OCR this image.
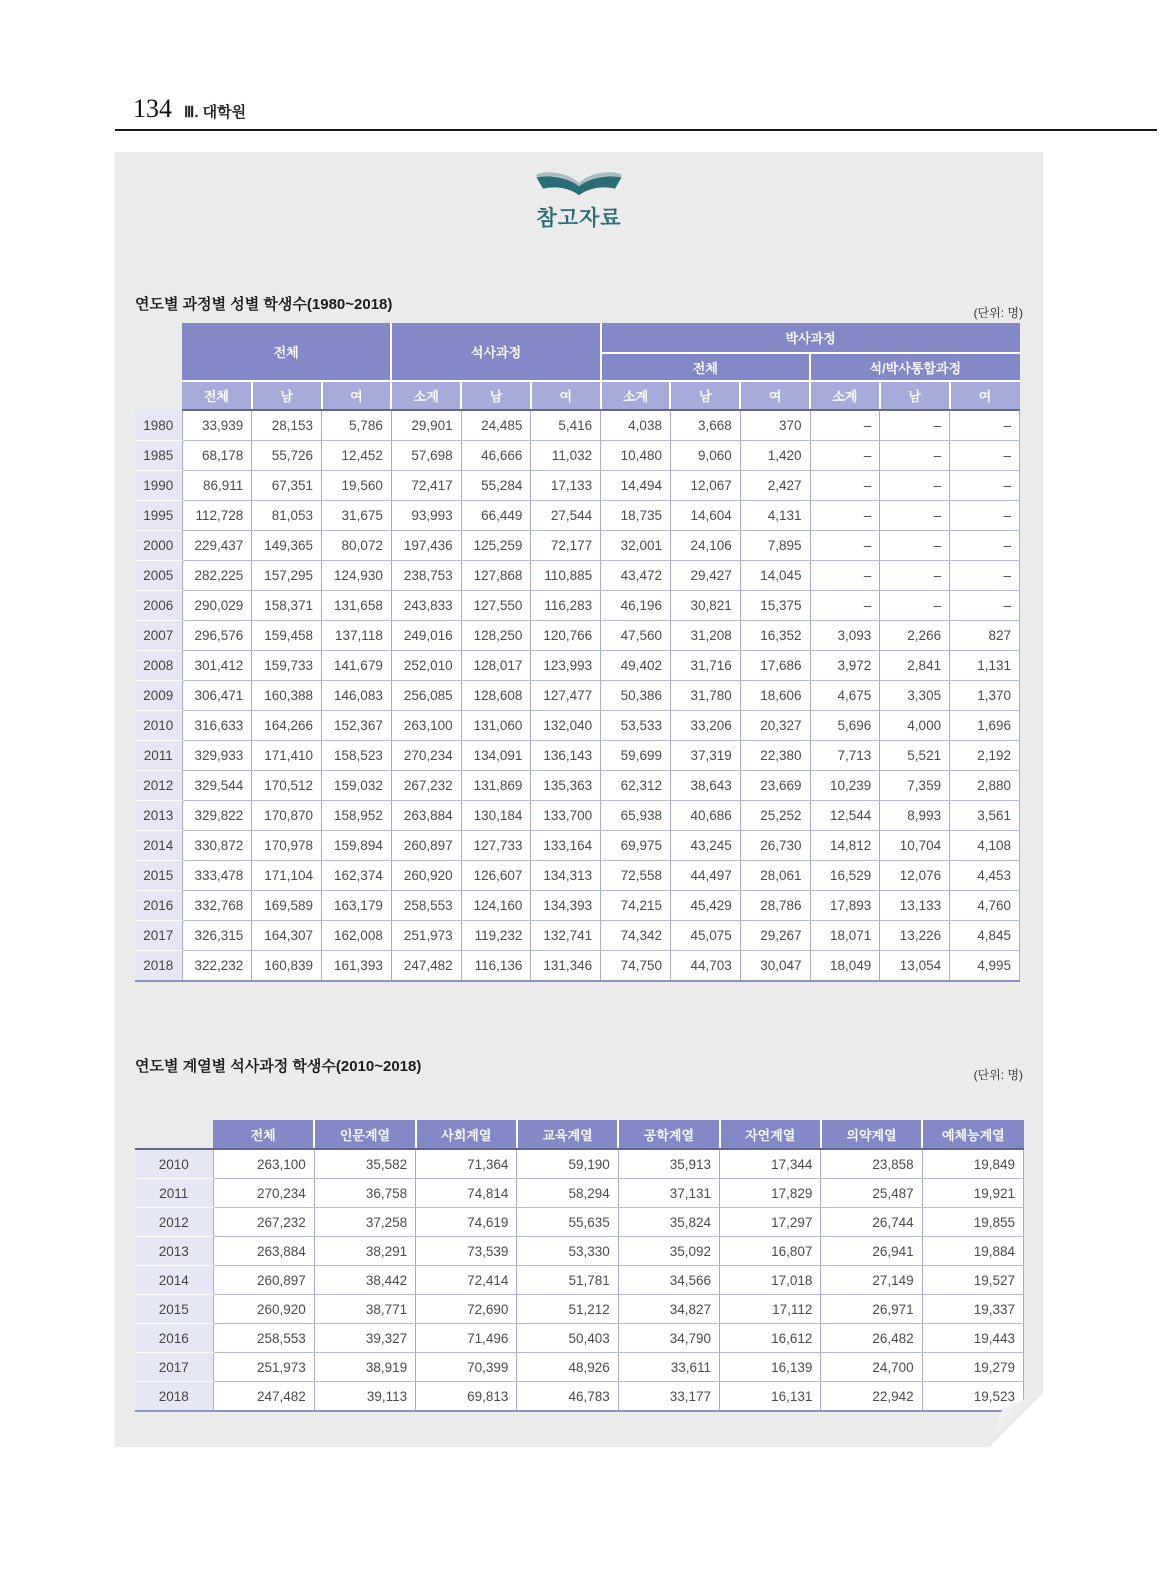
134 Ⅲ. 대학원
참고자료
연도별 과정별 성별 학생수(1980~2018)	(단위: 명)
	전체			석사과정			박사과정					
							전체			석/박사통합과정		
	전체	남	여	소계	남	여	소계	남	여	소계	남	여
1980	33,939	28,153	5,786	29,901	24,485	5,416	4,038	3,668	370	–	–	–
1985	68,178	55,726	12,452	57,698	46,666	11,032	10,480	9,060	1,420	–	–	–
1990	86,911	67,351	19,560	72,417	55,284	17,133	14,494	12,067	2,427	–	–	–
1995	112,728	81,053	31,675	93,993	66,449	27,544	18,735	14,604	4,131	–	–	–
2000	229,437	149,365	80,072	197,436	125,259	72,177	32,001	24,106	7,895	–	–	–
2005	282,225	157,295	124,930	238,753	127,868	110,885	43,472	29,427	14,045	–	–	–
2006	290,029	158,371	131,658	243,833	127,550	116,283	46,196	30,821	15,375	–	–	–
2007	296,576	159,458	137,118	249,016	128,250	120,766	47,560	31,208	16,352	3,093	2,266	827
2008	301,412	159,733	141,679	252,010	128,017	123,993	49,402	31,716	17,686	3,972	2,841	1,131
2009	306,471	160,388	146,083	256,085	128,608	127,477	50,386	31,780	18,606	4,675	3,305	1,370
2010	316,633	164,266	152,367	263,100	131,060	132,040	53,533	33,206	20,327	5,696	4,000	1,696
2011	329,933	171,410	158,523	270,234	134,091	136,143	59,699	37,319	22,380	7,713	5,521	2,192
2012	329,544	170,512	159,032	267,232	131,869	135,363	62,312	38,643	23,669	10,239	7,359	2,880
2013	329,822	170,870	158,952	263,884	130,184	133,700	65,938	40,686	25,252	12,544	8,993	3,561
2014	330,872	170,978	159,894	260,897	127,733	133,164	69,975	43,245	26,730	14,812	10,704	4,108
2015	333,478	171,104	162,374	260,920	126,607	134,313	72,558	44,497	28,061	16,529	12,076	4,453
2016	332,768	169,589	163,179	258,553	124,160	134,393	74,215	45,429	28,786	17,893	13,133	4,760
2017	326,315	164,307	162,008	251,973	119,232	132,741	74,342	45,075	29,267	18,071	13,226	4,845
2018	322,232	160,839	161,393	247,482	116,136	131,346	74,750	44,703	30,047	18,049	13,054	4,995
연도별 계열별 석사과정 학생수(2010~2018)	(단위: 명)
	전체	인문계열	사회계열	교육계열	공학계열	자연계열	의약계열	예체능계열
2010	263,100	35,582	71,364	59,190	35,913	17,344	23,858	19,849
2011	270,234	36,758	74,814	58,294	37,131	17,829	25,487	19,921
2012	267,232	37,258	74,619	55,635	35,824	17,297	26,744	19,855
2013	263,884	38,291	73,539	53,330	35,092	16,807	26,941	19,884
2014	260,897	38,442	72,414	51,781	34,566	17,018	27,149	19,527
2015	260,920	38,771	72,690	51,212	34,827	17,112	26,971	19,337
2016	258,553	39,327	71,496	50,403	34,790	16,612	26,482	19,443
2017	251,973	38,919	70,399	48,926	33,611	16,139	24,700	19,279
2018	247,482	39,113	69,813	46,783	33,177	16,131	22,942	19,523
